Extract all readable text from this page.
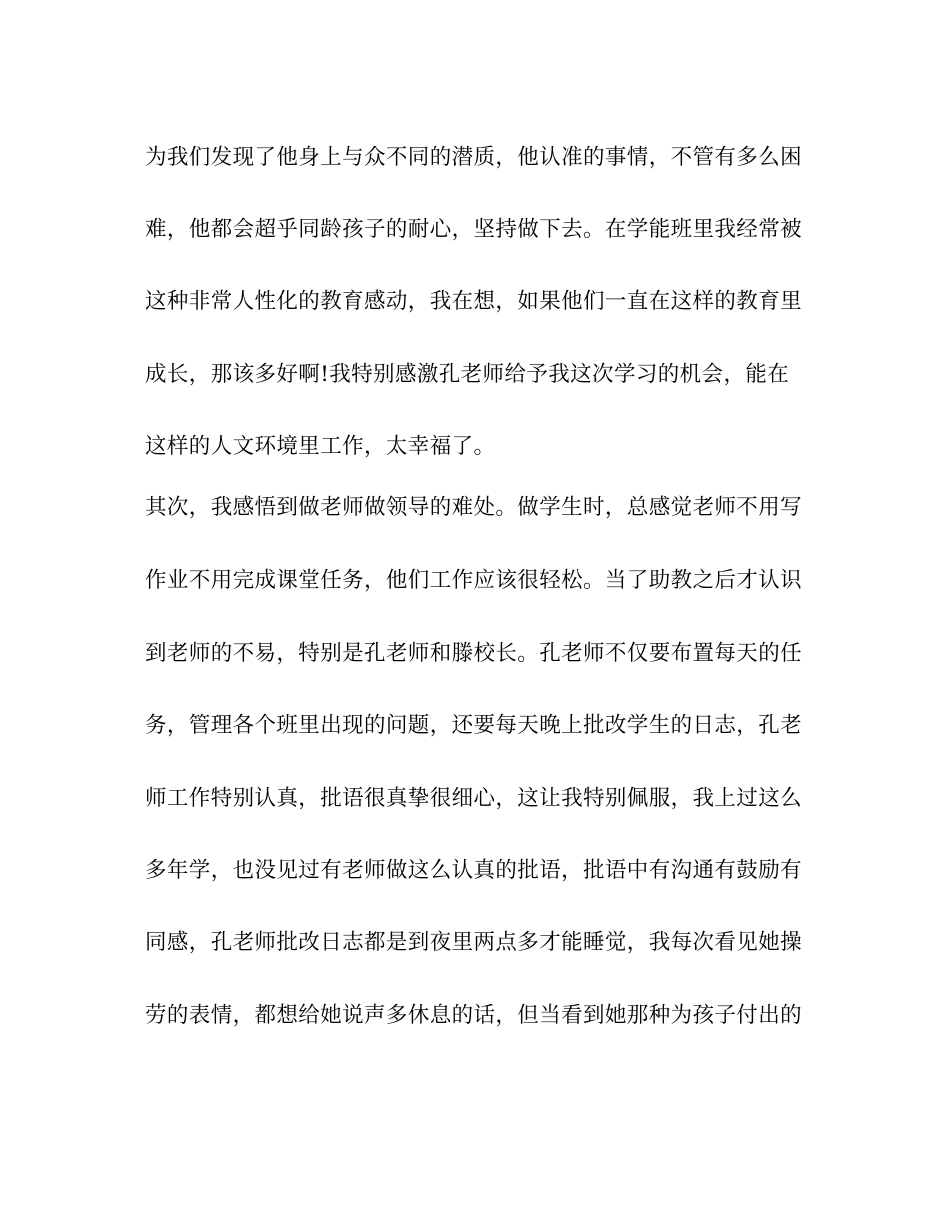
为我们发现了他身上与众不同的潜质，他认准的事情，不管有多么困
难，他都会超乎同龄孩子的耐心，坚持做下去。在学能班里我经常被
这种非常人性化的教育感动，我在想，如果他们一直在这样的教育里
成长，那该多好啊!我特别感激孔老师给予我这次学习的机会，能在
这样的人文环境里工作，太幸福了。
其次，我感悟到做老师做领导的难处。做学生时，总感觉老师不用写
作业不用完成课堂任务，他们工作应该很轻松。当了助教之后才认识
到老师的不易，特别是孔老师和滕校长。孔老师不仅要布置每天的任
务，管理各个班里出现的问题，还要每天晚上批改学生的日志，孔老
师工作特别认真，批语很真挚很细心，这让我特别佩服，我上过这么
多年学，也没见过有老师做这么认真的批语，批语中有沟通有鼓励有
同感，孔老师批改日志都是到夜里两点多才能睡觉，我每次看见她操
劳的表情，都想给她说声多休息的话，但当看到她那种为孩子付出的
